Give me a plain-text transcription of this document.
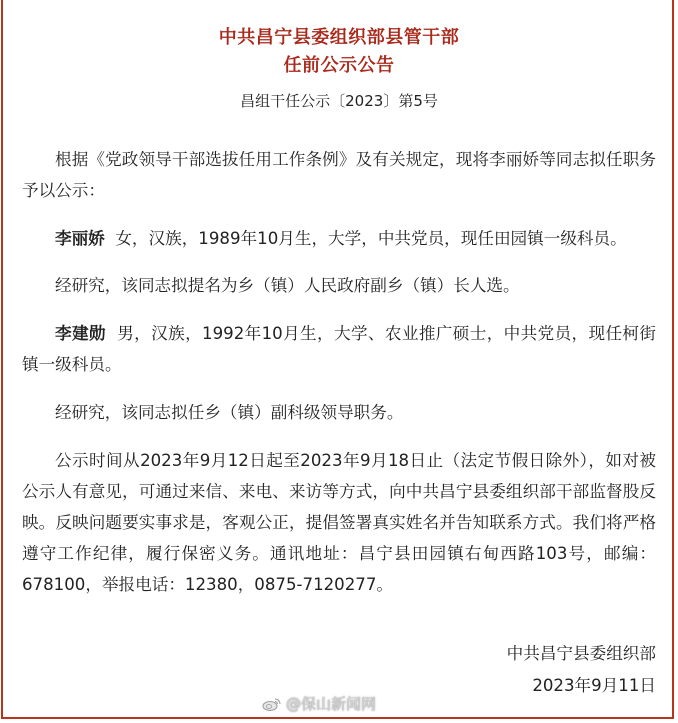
中共昌宁县委组织部县管干部
任前公示公告
昌组干任公示〔2023〕第5号

根据《党政领导干部选拔任用工作条例》及有关规定，现将李丽娇等同志拟任职务予以公示：

李丽娇 女，汉族，1989年10月生，大学，中共党员，现任田园镇一级科员。

经研究，该同志拟提名为乡（镇）人民政府副乡（镇）长人选。

李建勋 男，汉族，1992年10月生，大学、农业推广硕士，中共党员，现任柯街镇一级科员。

经研究，该同志拟任乡（镇）副科级领导职务。

公示时间从2023年9月12日起至2023年9月18日止（法定节假日除外），如对被公示人有意见，可通过来信、来电、来访等方式，向中共昌宁县委组织部干部监督股反映。反映问题要实事求是，客观公正，提倡签署真实姓名并告知联系方式。我们将严格遵守工作纪律，履行保密义务。通讯地址：昌宁县田园镇右甸西路103号，邮编：678100，举报电话：12380，0875-7120277。

中共昌宁县委组织部
2023年9月11日
@保山新闻网
